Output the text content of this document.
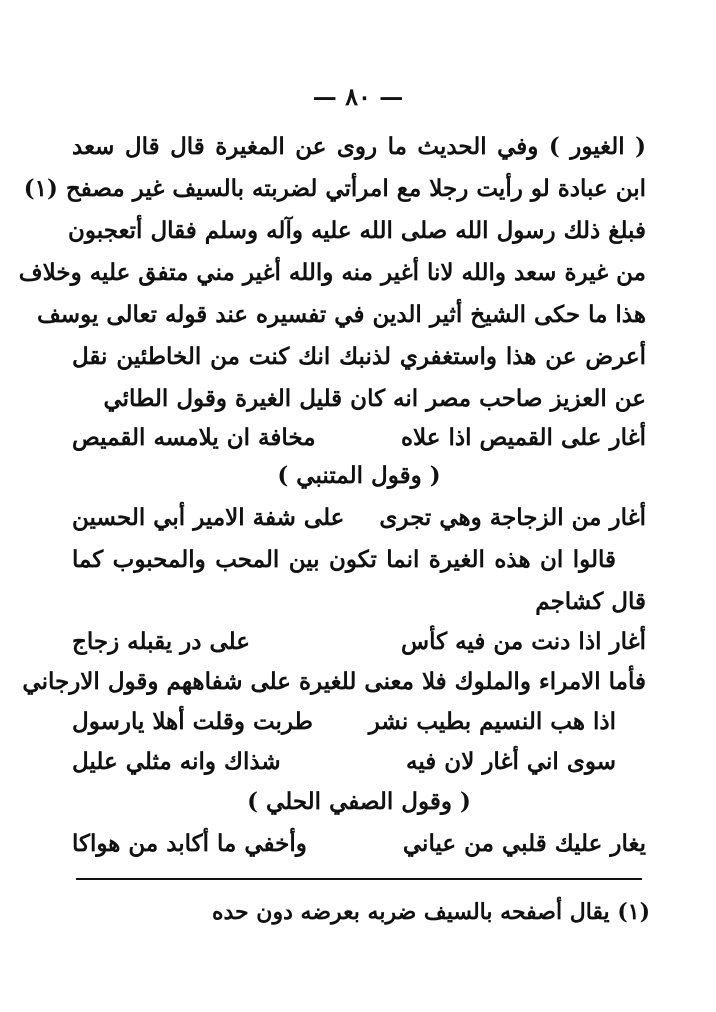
— ٨٠ —
( الغيور ) وفي الحديث ما روى عن المغيرة قال قال سعد
ابن عبادة لو رأيت رجلا مع امرأتي لضربته بالسيف غير مصفح (١)
فبلغ ذلك رسول الله صلى الله عليه وآله وسلم فقال أتعجبون
من غيرة سعد والله لانا أغير منه والله أغير مني متفق عليه وخلاف
هذا ما حكى الشيخ أثير الدين في تفسيره عند قوله تعالى يوسف
أعرض عن هذا واستغفري لذنبك انك كنت من الخاطئين نقل
عن العزيز صاحب مصر انه كان قليل الغيرة وقول الطائي
أغار على القميص اذا علاه
مخافة ان يلامسه القميص
( وقول المتنبي )
أغار من الزجاجة وهي تجرى
على شفة الامير أبي الحسين
قالوا ان هذه الغيرة انما تكون بين المحب والمحبوب كما
قال كشاجم
أغار اذا دنت من فيه كأس
على در يقبله زجاج
فأما الامراء والملوك فلا معنى للغيرة على شفاههم وقول الارجاني
اذا هب النسيم بطيب نشر
طربت وقلت أهلا يارسول
سوى اني أغار لان فيه
شذاك وانه مثلي عليل
( وقول الصفي الحلي )
يغار عليك قلبي من عياني
وأخفي ما أكابد من هواكا
(١) يقال أصفحه بالسيف ضربه بعرضه دون حده
